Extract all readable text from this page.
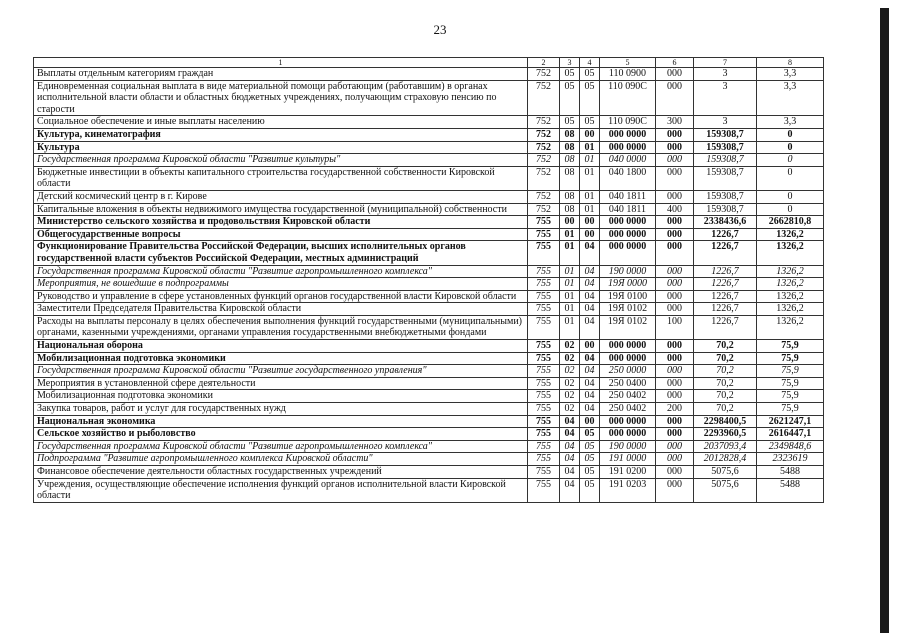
23
1	2	3	4	5	6	7	8
Выплаты отдельным категориям граждан	752	05	05	110 0900	000	3	3,3
Единовременная социальная выплата в виде материальной помощи работающим (работавшим) в органах исполнительной власти области и областных бюджетных учреждениях, получающим страховую пенсию по старости	752	05	05	110 090С	000	3	3,3
Социальное обеспечение и иные выплаты населению	752	05	05	110 090С	300	3	3,3
Культура, кинематография	752	08	00	000 0000	000	159308,7	0
Культура	752	08	01	000 0000	000	159308,7	0
Государственная программа Кировской области "Развитие культуры"	752	08	01	040 0000	000	159308,7	0
Бюджетные инвестиции в объекты капитального строительства государственной собственности Кировской области	752	08	01	040 1800	000	159308,7	0
Детский космический центр в г. Кирове	752	08	01	040 1811	000	159308,7	0
Капитальные вложения в объекты недвижимого имущества государственной (муниципальной) собственности	752	08	01	040 1811	400	159308,7	0
Министерство сельского хозяйства и продовольствия Кировской области	755	00	00	000 0000	000	2338436,6	2662810,8
Общегосударственные вопросы	755	01	00	000 0000	000	1226,7	1326,2
Функционирование Правительства Российской Федерации, высших исполнительных органов государственной власти субъектов Российской Федерации, местных администраций	755	01	04	000 0000	000	1226,7	1326,2
Государственная программа Кировской области "Развитие агропромышленного комплекса"	755	01	04	190 0000	000	1226,7	1326,2
Мероприятия, не вошедшие в подпрограммы	755	01	04	19Я 0000	000	1226,7	1326,2
Руководство и управление в сфере установленных функций органов государственной власти Кировской области	755	01	04	19Я 0100	000	1226,7	1326,2
Заместители Председателя Правительства Кировской области	755	01	04	19Я 0102	000	1226,7	1326,2
Расходы на выплаты персоналу в целях обеспечения выполнения функций государственными (муниципальными) органами, казенными учреждениями, органами управления государственными внебюджетными фондами	755	01	04	19Я 0102	100	1226,7	1326,2
Национальная оборона	755	02	00	000 0000	000	70,2	75,9
Мобилизационная подготовка экономики	755	02	04	000 0000	000	70,2	75,9
Государственная программа Кировской области "Развитие государственного управления"	755	02	04	250 0000	000	70,2	75,9
Мероприятия в установленной сфере деятельности	755	02	04	250 0400	000	70,2	75,9
Мобилизационная подготовка экономики	755	02	04	250 0402	000	70,2	75,9
Закупка товаров, работ и услуг для государственных нужд	755	02	04	250 0402	200	70,2	75,9
Национальная экономика	755	04	00	000 0000	000	2298400,5	2621247,1
Сельское хозяйство и рыболовство	755	04	05	000 0000	000	2293960,5	2616447,1
Государственная программа Кировской области "Развитие агропромышленного комплекса"	755	04	05	190 0000	000	2037093,4	2349848,6
Подпрограмма "Развитие агропромышленного комплекса Кировской области"	755	04	05	191 0000	000	2012828,4	2323619
Финансовое обеспечение деятельности областных государственных учреждений	755	04	05	191 0200	000	5075,6	5488
Учреждения, осуществляющие обеспечение исполнения функций органов исполнительной власти Кировской области	755	04	05	191 0203	000	5075,6	5488
